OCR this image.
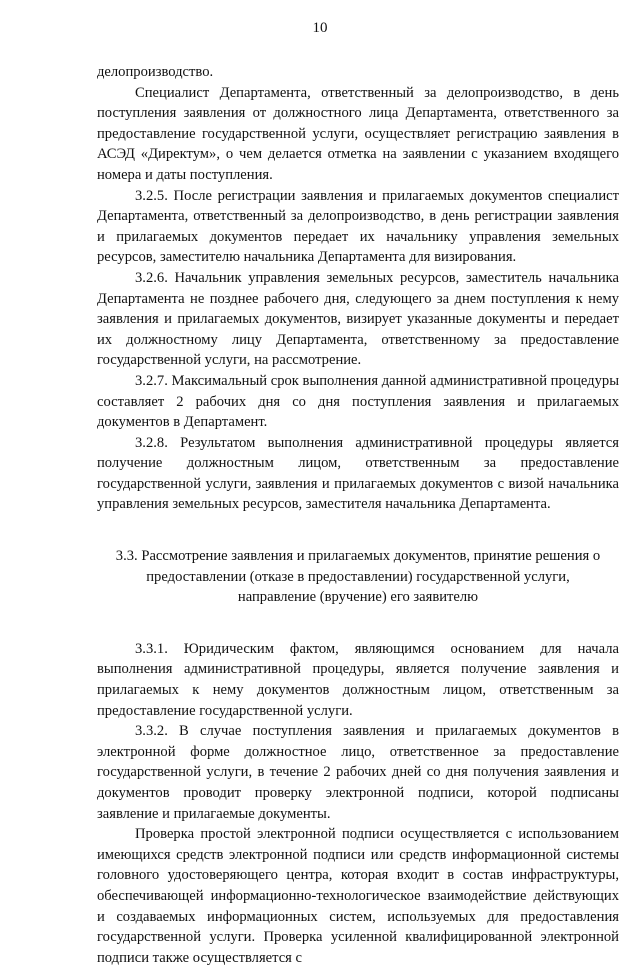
10

делопроизводство.

Специалист Департамента, ответственный за делопроизводство, в день поступления заявления от должностного лица Департамента, ответственного за предоставление государственной услуги, осуществляет регистрацию заявления в АСЭД «Директум», о чем делается отметка на заявлении с указанием входящего номера и даты поступления.

3.2.5. После регистрации заявления и прилагаемых документов специалист Департамента, ответственный за делопроизводство, в день регистрации заявления и прилагаемых документов передает их начальнику управления земельных ресурсов, заместителю начальника Департамента для визирования.

3.2.6. Начальник управления земельных ресурсов, заместитель начальника Департамента не позднее рабочего дня, следующего за днем поступления к нему заявления и прилагаемых документов, визирует указанные документы и передает их должностному лицу Департамента, ответственному за предоставление государственной услуги, на рассмотрение.

3.2.7. Максимальный срок выполнения данной административной процедуры составляет 2 рабочих дня со дня поступления заявления и прилагаемых документов в Департамент.

3.2.8. Результатом выполнения административной процедуры является получение должностным лицом, ответственным за предоставление государственной услуги, заявления и прилагаемых документов с визой начальника управления земельных ресурсов, заместителя начальника Департамента.

3.3. Рассмотрение заявления и прилагаемых документов, принятие решения о
предоставлении (отказе в предоставлении) государственной услуги,
направление (вручение) его заявителю

3.3.1. Юридическим фактом, являющимся основанием для начала выполнения административной процедуры, является получение заявления и прилагаемых к нему документов должностным лицом, ответственным за предоставление государственной услуги.

3.3.2. В случае поступления заявления и прилагаемых документов в электронной форме должностное лицо, ответственное за предоставление государственной услуги, в течение 2 рабочих дней со дня получения заявления и документов проводит проверку электронной подписи, которой подписаны заявление и прилагаемые документы.

Проверка простой электронной подписи осуществляется с использованием имеющихся средств электронной подписи или средств информационной системы головного удостоверяющего центра, которая входит в состав инфраструктуры, обеспечивающей информационно-технологическое взаимодействие действующих и создаваемых информационных систем, используемых для предоставления государственной услуги. Проверка усиленной квалифицированной электронной подписи также осуществляется с
